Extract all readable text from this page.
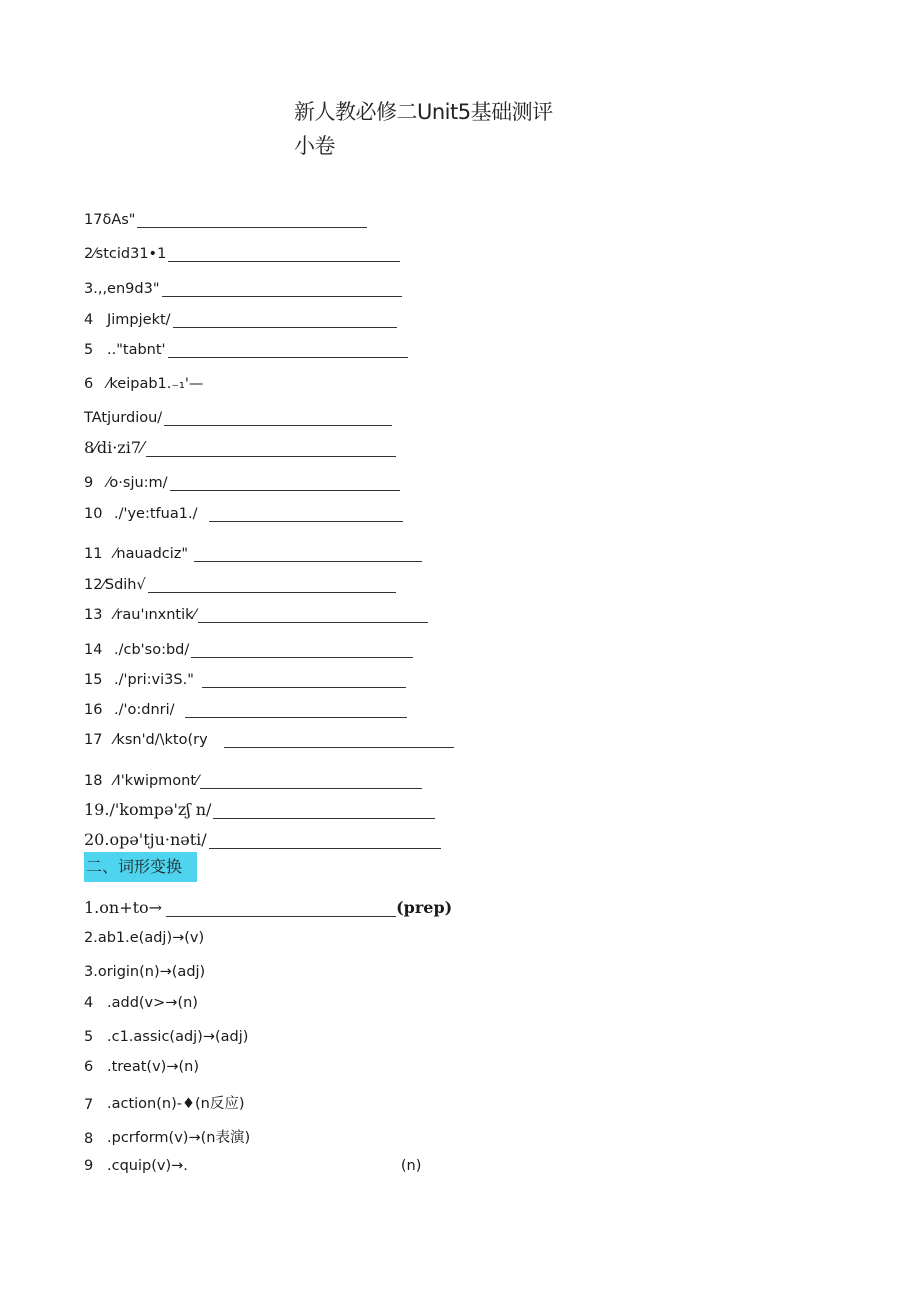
新人教必修二Unit5基础测评
小卷
17δAs"
2⁄stcid31•1
3.,,en9d3"
4 Jimpjekt/
5 .."tabnt'
6 ⁄keipab1.₋₁'—
TAtjurdiou/
8⁄di·zi7⁄
9 ⁄o·sju:m/
10 ./'ye:tfua1./
11 ⁄nauadciz"
12⁄Sdih√
13 ⁄rau'ınxntik⁄
14 ./cb'so:bd/
15 ./'pri:vi3S."
16 ./'o:dnri/
17 ⁄ksn'd/\kto(ry
18 ⁄I'kwipmont⁄
19./'kompə'zʃ n/
20.opə'tju·nəti/
二、词形变换
1.on+to→	(prep)
2.ab1.e(adj)→(v)
3.origin(n)→(adj)
4 .add(v>→(n)
5 .c1.assic(adj)→(adj)
6 .treat(v)→(n)
7 .action(n)-♦(n反应)
8 .pcrform(v)→(n表演)
9 .cquip(v)→.	(n)
